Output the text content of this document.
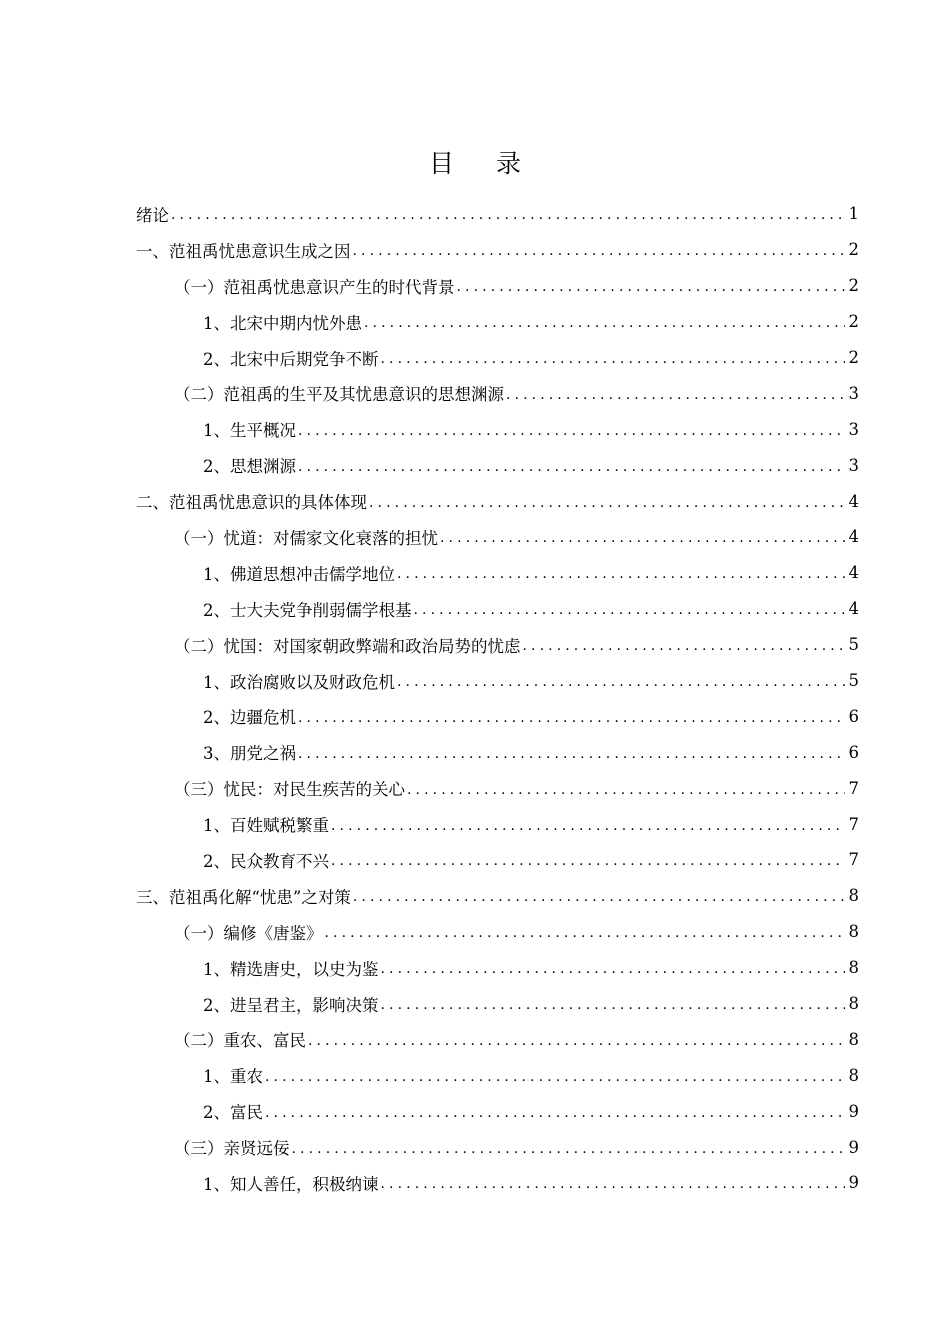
目录
绪论 .....	1
一、范祖禹忧患意识生成之因 .....	2
（一）范祖禹忧患意识产生的时代背景 .....	2
1、北宋中期内忧外患 .....	2
2、北宋中后期党争不断 .....	2
（二）范祖禹的生平及其忧患意识的思想渊源 .....	3
1、生平概况 .....	3
2、思想渊源 .....	3
二、范祖禹忧患意识的具体体现 .....	4
（一）忧道：对儒家文化衰落的担忧 .....	4
1、佛道思想冲击儒学地位 .....	4
2、士大夫党争削弱儒学根基 .....	4
（二）忧国：对国家朝政弊端和政治局势的忧虑 .....	5
1、政治腐败以及财政危机 .....	5
2、边疆危机 .....	6
3、朋党之祸 .....	6
（三）忧民：对民生疾苦的关心 .....	7
1、百姓赋税繁重 .....	7
2、民众教育不兴 .....	7
三、范祖禹化解“忧患”之对策 .....	8
（一）编修《唐鉴》 .....	8
1、精选唐史，以史为鉴 .....	8
2、进呈君主，影响决策 .....	8
（二）重农、富民 .....	8
1、重农 .....	8
2、富民 .....	9
（三）亲贤远佞 .....	9
1、知人善任，积极纳谏 .....	9
